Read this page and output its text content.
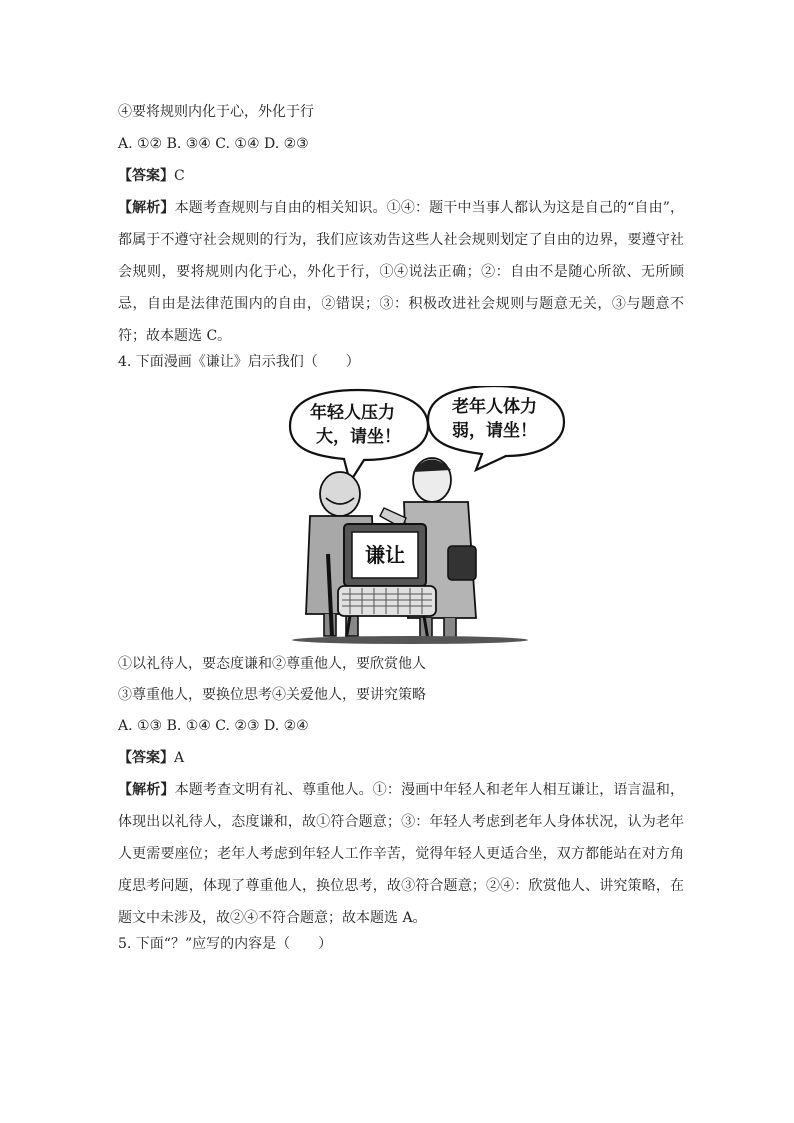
④要将规则内化于心，外化于行
A. ①② B. ③④ C. ①④ D. ②③
【答案】C
【解析】本题考查规则与自由的相关知识。①④：题干中当事人都认为这是自己的“自由”，都属于不遵守社会规则的行为，我们应该劝告这些人社会规则划定了自由的边界，要遵守社会规则，要将规则内化于心，外化于行，①④说法正确；②：自由不是随心所欲、无所顾忌，自由是法律范围内的自由，②错误；③：积极改进社会规则与题意无关，③与题意不符；故本题选 C。
4. 下面漫画《谦让》启示我们（　　）
年轻人压力
大，请坐！
老年人体力
弱，请坐！
谦让
①以礼待人，要态度谦和②尊重他人，要欣赏他人
③尊重他人，要换位思考④关爱他人，要讲究策略
A. ①③ B. ①④ C. ②③ D. ②④
【答案】A
【解析】本题考查文明有礼、尊重他人。①：漫画中年轻人和老年人相互谦让，语言温和，体现出以礼待人，态度谦和，故①符合题意；③：年轻人考虑到老年人身体状况，认为老年人更需要座位；老年人考虑到年轻人工作辛苦，觉得年轻人更适合坐，双方都能站在对方角度思考问题，体现了尊重他人，换位思考，故③符合题意；②④：欣赏他人、讲究策略，在题文中未涉及，故②④不符合题意；故本题选 A。
5. 下面“？”应写的内容是（　　）
